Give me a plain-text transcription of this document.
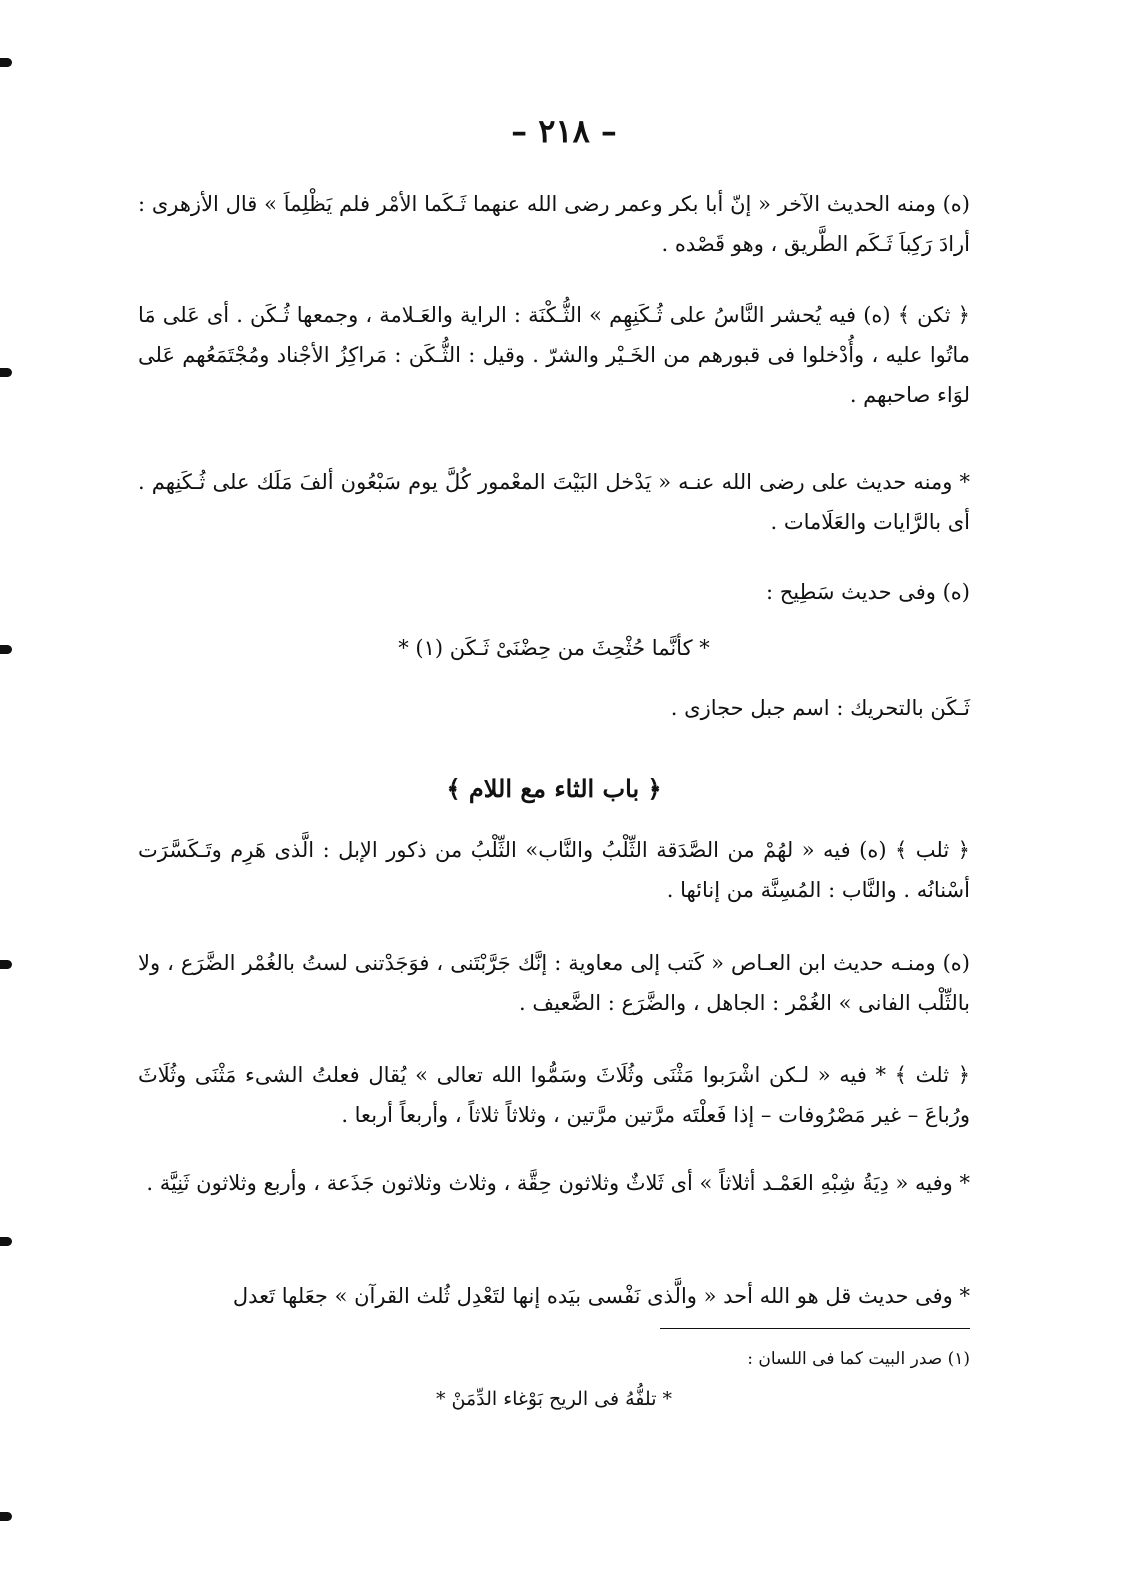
– ٢١٨ –

(ه) ومنه الحديث الآخر « إنّ أبا بكر وعمر رضى الله عنهما ثَـكَما الأمْر فلم يَظْلِماَ » قال الأزهرى : أرادَ رَكِباَ ثَـكَم الطَّريق ، وهو قَصْده .

﴿ ثكن ﴾ (ه) فيه يُحشر النَّاسُ على ثُـكَنِهِم » الثُّـكْنَة : الراية والعَـلامة ، وجمعها ثُـكَن . أى عَلى مَا ماتُوا عليه ، وأُدْخلوا فى قبورهم من الخَـيْر والشرّ . وقيل : الثُّـكَن : مَراكِزُ الأجْناد ومُجْتَمَعُهم عَلى لوَاء صاحبهم .

* ومنه حديث على رضى الله عنـه « يَدْخل البَيْتَ المعْمور كُلَّ يوم سَبْعُون ألفَ مَلَك على ثُـكَنِهم . أى بالرَّايات والعَلَامات .

(ه) وفى حديث سَطِيح :

* كأنَّما حُثْحِثَ من حِضْنَىْ ثَـكَن (١) *

ثَـكَن بالتحريك : اسم جبل حجازى .

﴿ باب الثاء مع اللام ﴾

﴿ ثلب ﴾ (ه) فيه « لهُمْ من الصَّدَقة الثِّلْبُ والنَّاب» الثِّلْبُ من ذكور الإبل : الَّذى هَرِم وتَـكَسَّرَت أسْنانُه . والنَّاب : المُسِنَّة من إنائها .

(ه) ومنـه حديث ابن العـاص « كَتب إلى معاوية : إنَّك جَرَّبْتَنى ، فوَجَدْتنى لستُ بالغُمْر الضَّرَع ، ولا بالثِّلْب الفانى » الغُمْر : الجاهل ، والضَّرَع : الضَّعيف .

﴿ ثلث ﴾ * فيه « لـكن اشْرَبوا مَثْنَى وثُلَاثَ وسَمُّوا الله تعالى » يُقال فعلتُ الشىء مَثْنَى وثُلَاثَ ورُباعَ – غير مَصْرُوفات – إذا فَعلْتَه مرَّتين مرَّتين ، وثلاثاً ثلاثاً ، وأربعاً أربعا .

* وفيه « دِيَةُ شِبْهِ العَمْـد أثلاثاً » أى ثَلاثٌ وثلاثون حِقَّة ، وثلاث وثلاثون جَذَعة ، وأربع وثلاثون ثَنِيَّة .

* وفى حديث قل هو الله أحد « والَّذى نَفْسى بيَده إنها لتَعْدِل ثُلث القرآن » جعَلها تَعدل

(١) صدر البيت كما فى اللسان :

* تلفُّهُ فى الريح بَوْغاء الدِّمَنْ *
